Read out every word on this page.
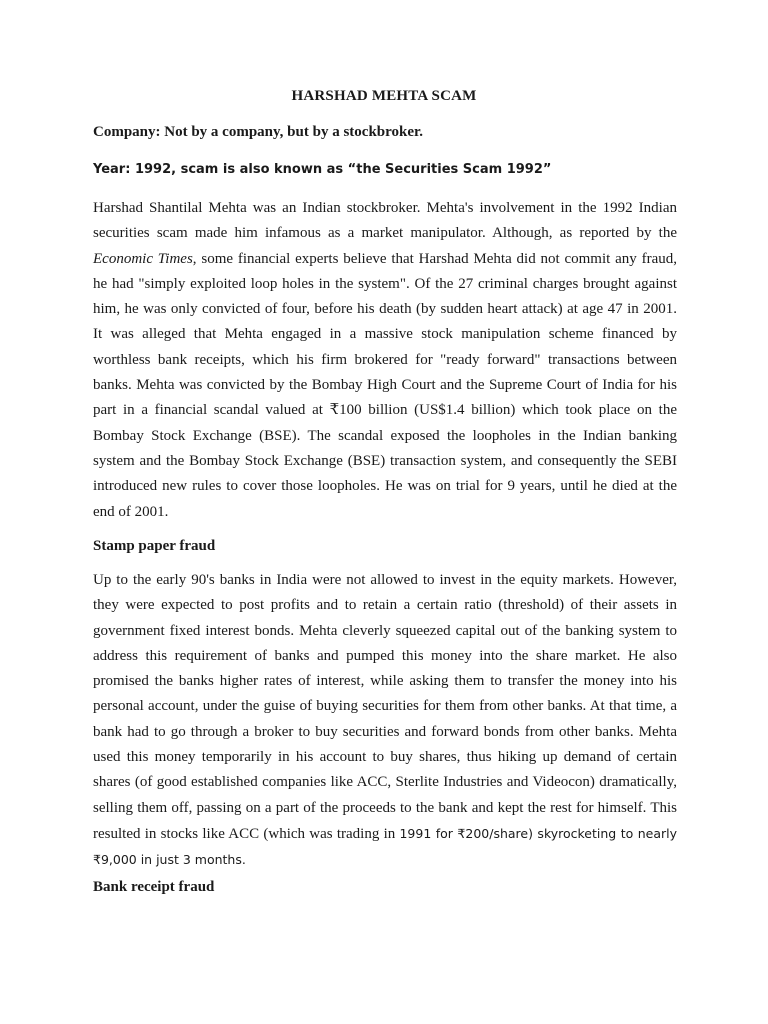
HARSHAD MEHTA SCAM
Company: Not by a company, but by a stockbroker.
Year: 1992, scam is also known as “the Securities Scam 1992”
Harshad Shantilal Mehta was an Indian stockbroker. Mehta's involvement in the 1992 Indian securities scam made him infamous as a market manipulator. Although, as reported by the Economic Times, some financial experts believe that Harshad Mehta did not commit any fraud, he had "simply exploited loop holes in the system". Of the 27 criminal charges brought against him, he was only convicted of four, before his death (by sudden heart attack) at age 47 in 2001. It was alleged that Mehta engaged in a massive stock manipulation scheme financed by worthless bank receipts, which his firm brokered for "ready forward" transactions between banks. Mehta was convicted by the Bombay High Court and the Supreme Court of India for his part in a financial scandal valued at ₹100 billion (US$1.4 billion) which took place on the Bombay Stock Exchange (BSE). The scandal exposed the loopholes in the Indian banking system and the Bombay Stock Exchange (BSE) transaction system, and consequently the SEBI introduced new rules to cover those loopholes. He was on trial for 9 years, until he died at the end of 2001.
Stamp paper fraud
Up to the early 90's banks in India were not allowed to invest in the equity markets. However, they were expected to post profits and to retain a certain ratio (threshold) of their assets in government fixed interest bonds. Mehta cleverly squeezed capital out of the banking system to address this requirement of banks and pumped this money into the share market. He also promised the banks higher rates of interest, while asking them to transfer the money into his personal account, under the guise of buying securities for them from other banks. At that time, a bank had to go through a broker to buy securities and forward bonds from other banks. Mehta used this money temporarily in his account to buy shares, thus hiking up demand of certain shares (of good established companies like ACC, Sterlite Industries and Videocon) dramatically, selling them off, passing on a part of the proceeds to the bank and kept the rest for himself. This resulted in stocks like ACC (which was trading in 1991 for ₹200/share) skyrocketing to nearly ₹9,000 in just 3 months.
Bank receipt fraud
